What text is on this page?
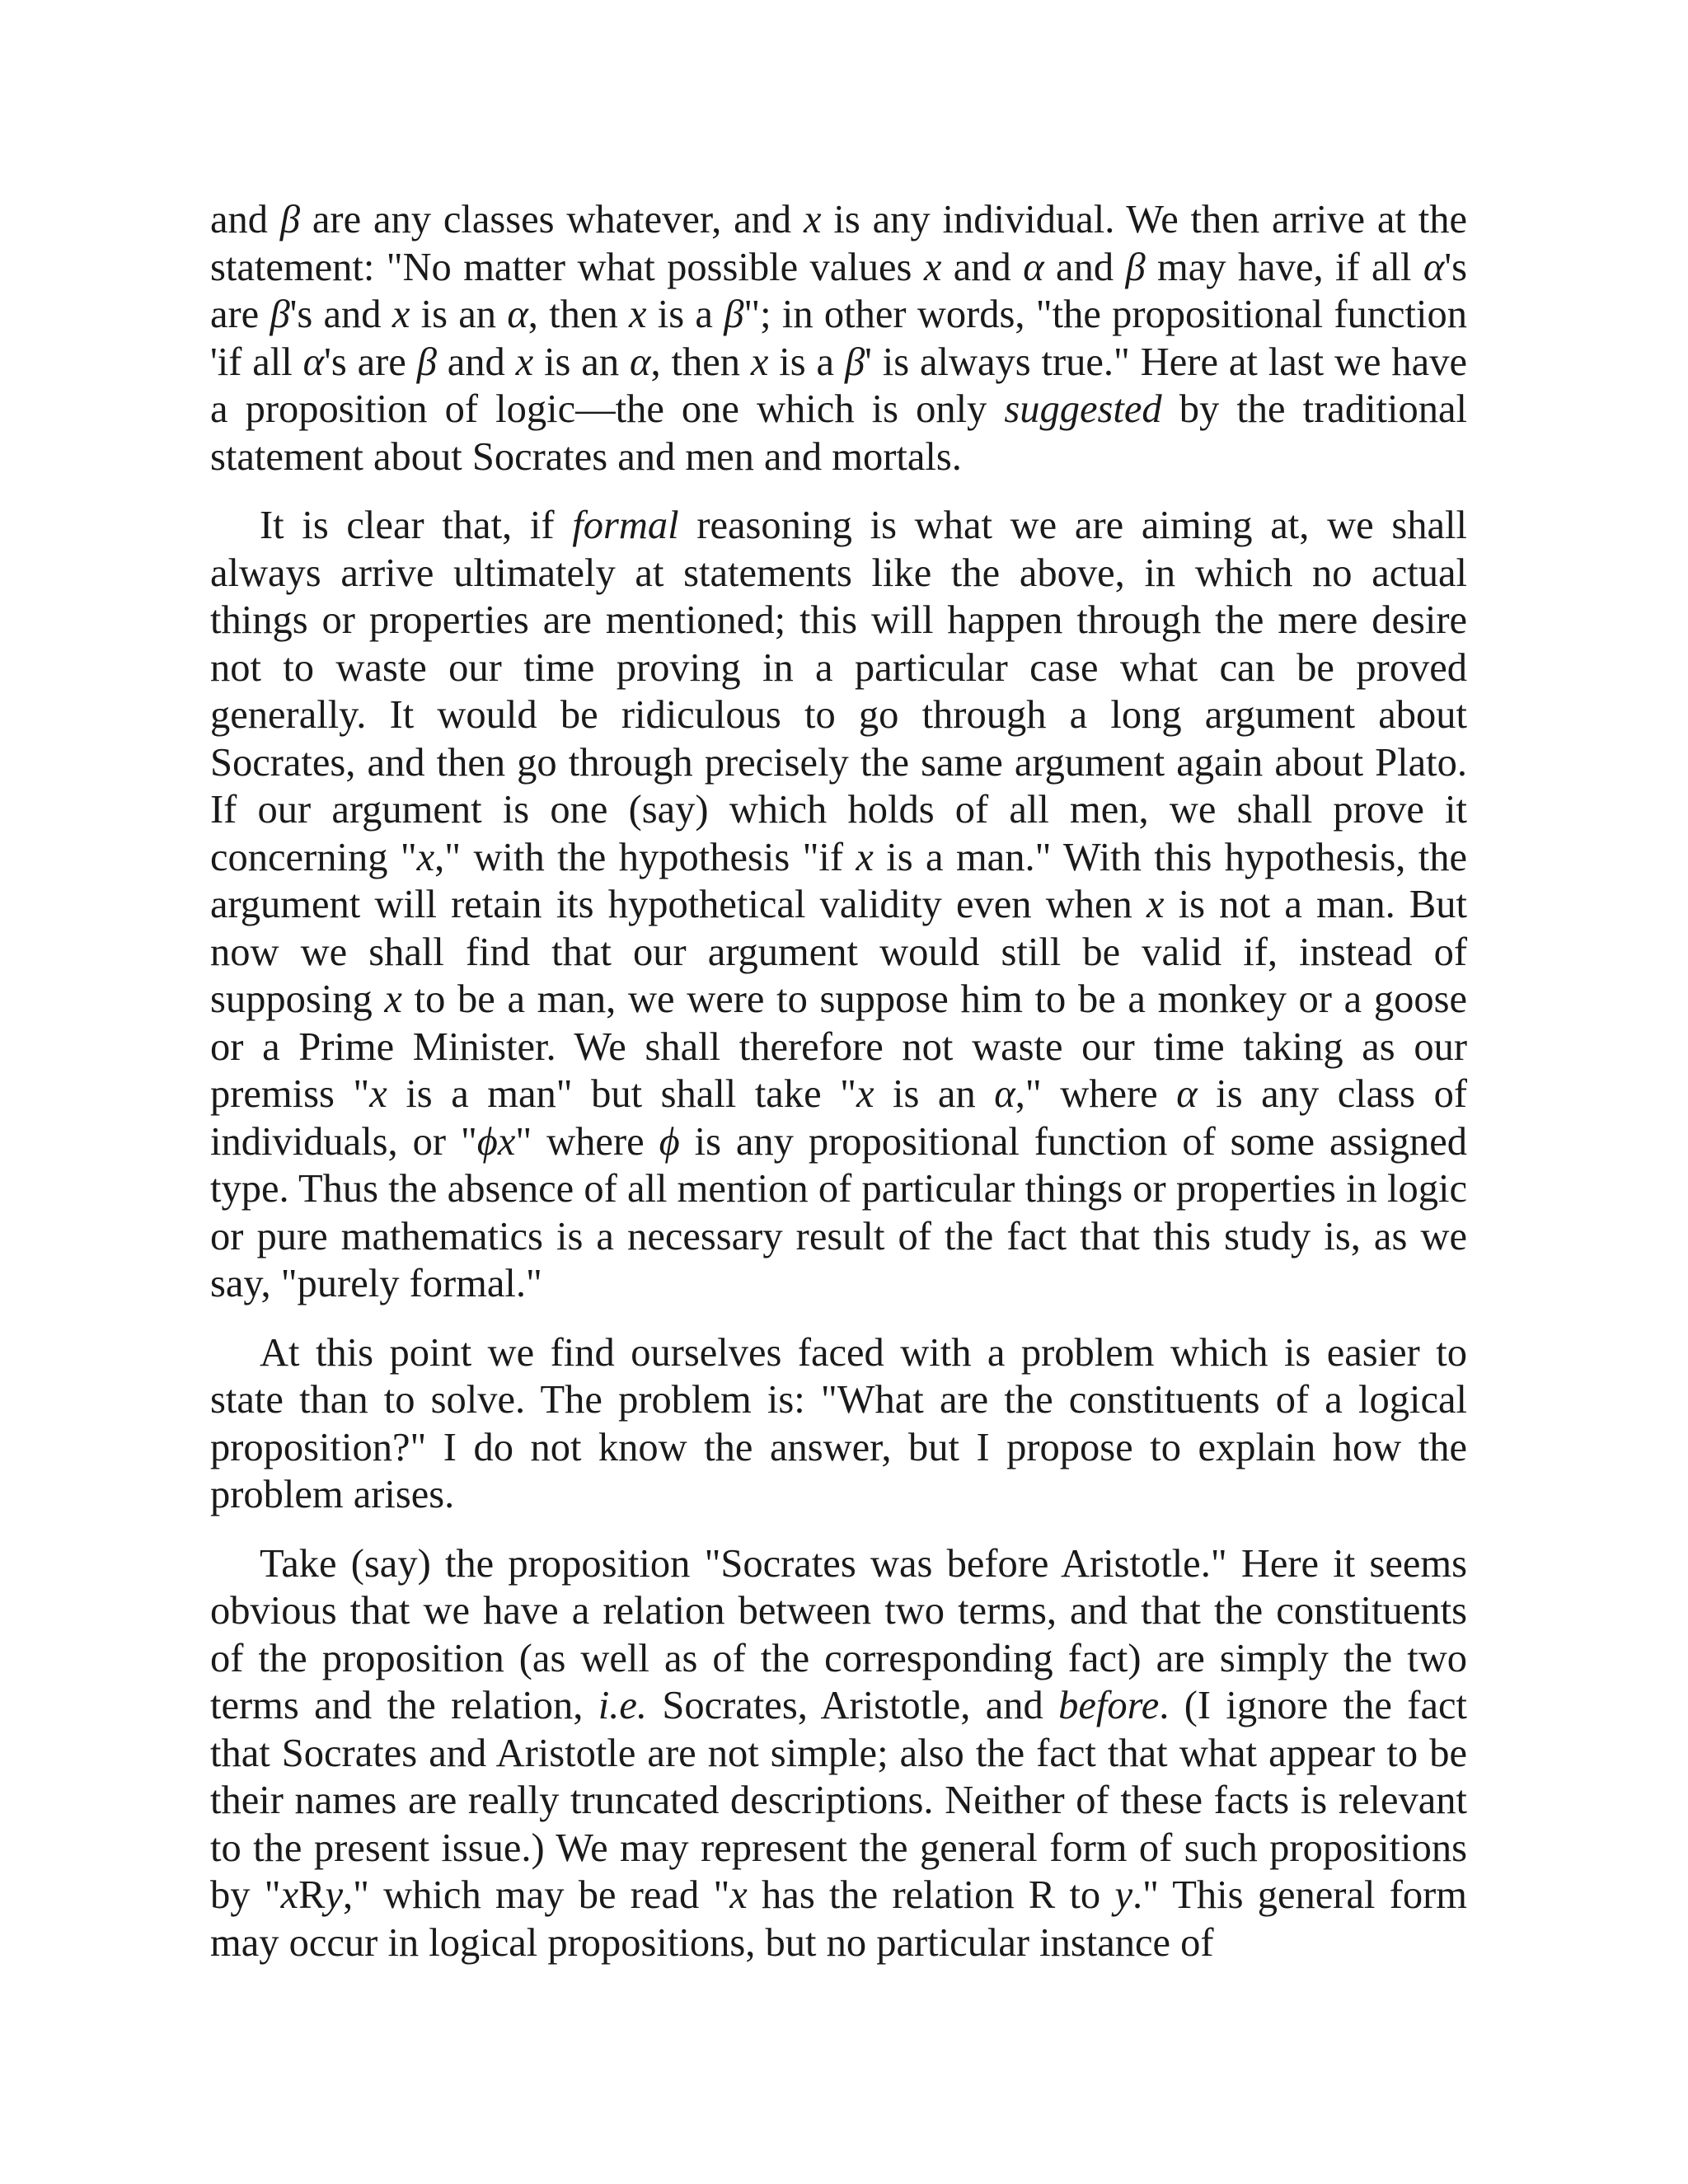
and β are any classes whatever, and x is any individual. We then arrive at the statement: "No matter what possible values x and α and β may have, if all α's are β's and x is an α, then x is a β"; in other words, "the propositional function 'if all α's are β and x is an α, then x is a β' is always true." Here at last we have a proposition of logic—the one which is only suggested by the traditional statement about Socrates and men and mortals.

It is clear that, if formal reasoning is what we are aiming at, we shall always arrive ultimately at statements like the above, in which no actual things or properties are mentioned; this will happen through the mere desire not to waste our time proving in a particular case what can be proved generally. It would be ridiculous to go through a long argument about Socrates, and then go through precisely the same argument again about Plato. If our argument is one (say) which holds of all men, we shall prove it concerning "x," with the hypothesis "if x is a man." With this hypothesis, the argument will retain its hypothetical validity even when x is not a man. But now we shall find that our argument would still be valid if, instead of supposing x to be a man, we were to suppose him to be a monkey or a goose or a Prime Minister. We shall therefore not waste our time taking as our premiss "x is a man" but shall take "x is an α," where α is any class of individuals, or "ϕx" where ϕ is any propositional function of some assigned type. Thus the absence of all mention of particular things or properties in logic or pure mathematics is a necessary result of the fact that this study is, as we say, "purely formal."

At this point we find ourselves faced with a problem which is easier to state than to solve. The problem is: "What are the constituents of a logical proposition?" I do not know the answer, but I propose to explain how the problem arises.

Take (say) the proposition "Socrates was before Aristotle." Here it seems obvious that we have a relation between two terms, and that the constituents of the proposition (as well as of the corresponding fact) are simply the two terms and the relation, i.e. Socrates, Aristotle, and before. (I ignore the fact that Socrates and Aristotle are not simple; also the fact that what appear to be their names are really truncated descriptions. Neither of these facts is relevant to the present issue.) We may represent the general form of such propositions by "xRy," which may be read "x has the relation R to y." This general form may occur in logical propositions, but no particular instance of
